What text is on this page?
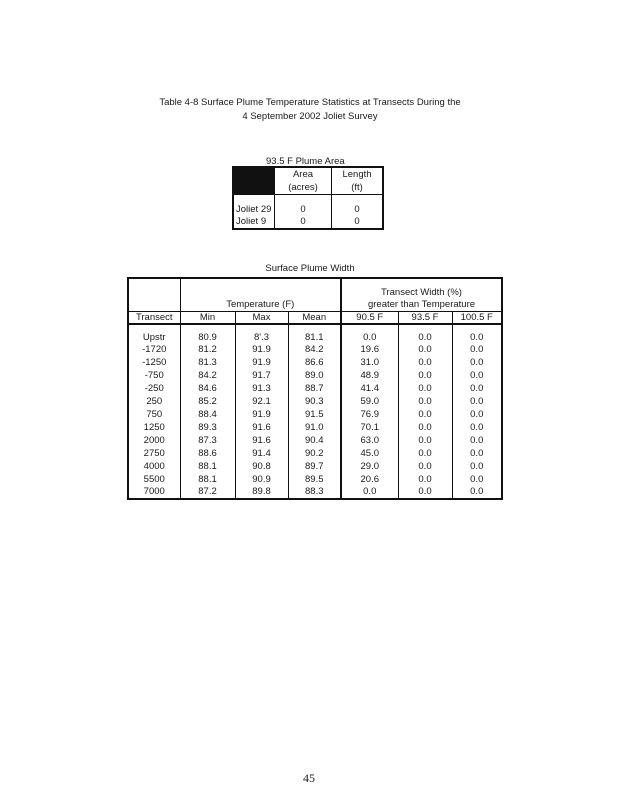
Table 4-8 Surface Plume Temperature Statistics at Transects During the
4 September 2002 Joliet Survey
93.5 F Plume Area
	Area	Length
	(acres)	(ft)
Joliet 29	0	0
Joliet 9	0	0
Surface Plume Width
				Transect Width (%)		
	Temperature (F)			greater than Temperature		
Transect	Min	Max	Mean	90.5 F	93.5 F	100.5 F
Upstr	80.9	8'.3	81.1	0.0	0.0	0.0
-1720	81.2	91.9	84.2	19.6	0.0	0.0
-1250	81.3	91.9	86.6	31.0	0.0	0.0
-750	84.2	91.7	89.0	48.9	0.0	0.0
-250	84.6	91.3	88.7	41.4	0.0	0.0
250	85.2	92.1	90.3	59.0	0.0	0.0
750	88.4	91.9	91.5	76.9	0.0	0.0
1250	89.3	91.6	91.0	70.1	0.0	0.0
2000	87.3	91.6	90.4	63.0	0.0	0.0
2750	88.6	91.4	90.2	45.0	0.0	0.0
4000	88.1	90.8	89.7	29.0	0.0	0.0
5500	88.1	90.9	89.5	20.6	0.0	0.0
7000	87.2	89.8	88.3	0.0	0.0	0.0
45
